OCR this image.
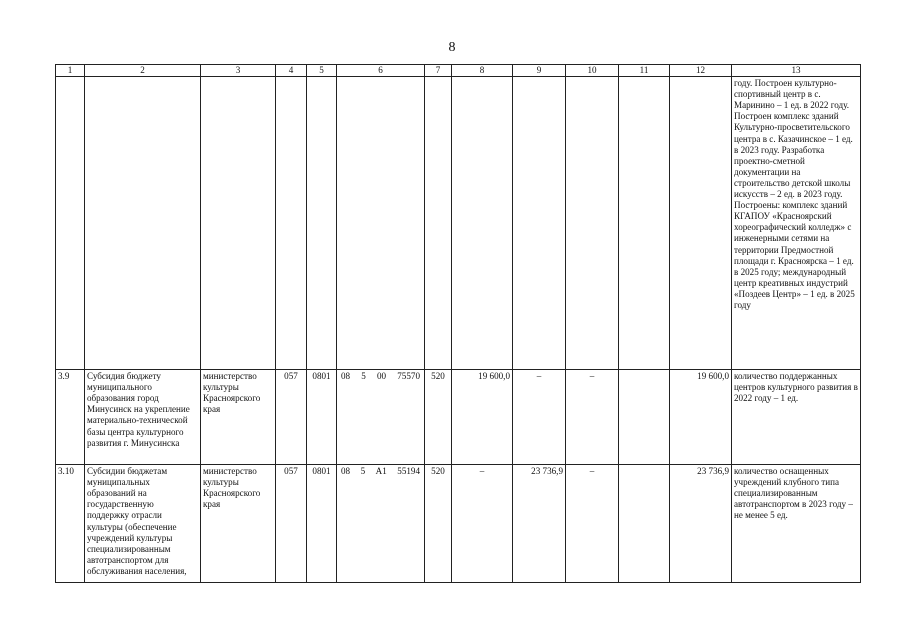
8
1	2	3	4	5	6	7	8	9	10	11	12	13
												году. Построен культурно-спортивный центр в с. Маринино – 1 ед. в 2022 году. Построен комплекс зданий Культурно-просветительского центра в с. Казачинское – 1 ед. в 2023 году. Разработка проектно-сметной документации на строительство детской школы искусств – 2 ед. в 2023 году. Построены: комплекс зданий КГАПОУ «Красноярский хореографический колледж» с инженерными сетями на территории Предмостной площади г. Красноярска – 1 ед. в 2025 году; международный центр креативных индустрий «Поздеев Центр» – 1 ед. в 2025 году
3.9	Субсидия бюджету муниципального образования город Минусинск на укрепление материально-технической базы центра культурного развития г. Минусинска	министерство культуры Красноярского края	057	0801	08 5 00 75570	520	19 600,0	–	–		19 600,0	количество поддержанных центров культурного развития в 2022 году – 1 ед.
3.10	Субсидии бюджетам муниципальных образований на государственную поддержку отрасли культуры (обеспечение учреждений культуры специализированным автотранспортом для обслуживания населения,	министерство культуры Красноярского края	057	0801	08 5 А1 55194	520	–	23 736,9	–		23 736,9	количество оснащенных учреждений клубного типа специализированным автотранспортом в 2023 году – не менее 5 ед.
